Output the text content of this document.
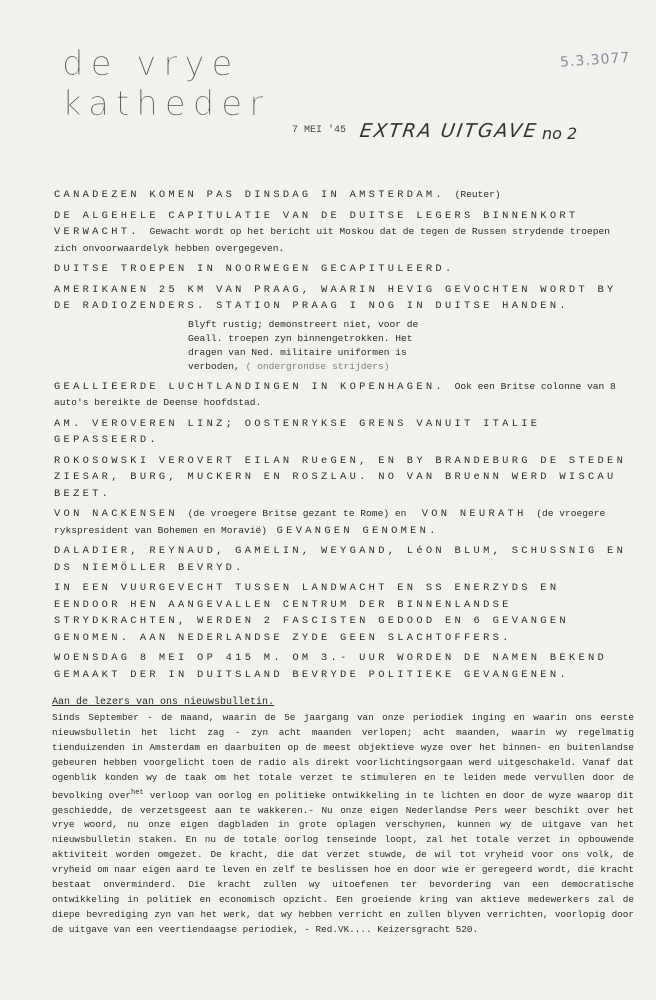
5.3.3077
de vrye katheder
7 MEI '45 EXTRA UITGAVE no 2
CANADEZEN KOMEN PAS DINSDAG IN AMSTERDAM. (Reuter)
DE ALGEHELE CAPITULATIE VAN DE DUITSE LEGERS BINNENKORT VERWACHT. Gewacht wordt op het bericht uit Moskou dat de tegen de Russen strydende troepen zich onvoorwaardelyk hebben overgegeven.
DUITSE TROEPEN IN NOORWEGEN GECAPITULEERD.
AMERIKANEN 25 KM VAN PRAAG, WAARIN HEVIG GEVOCHTEN WORDT BY DE RADIOZENDERS. STATION PRAAG I NOG IN DUITSE HANDEN.
Blyft rustig; demonstreert niet, voor de Geall. troepen zyn binnengetrokken. Het dragen van Ned. militaire uniformen is verboden, ( ondergrondse strijders)
GEALLIEERDE LUCHTLANDINGEN IN KOPENHAGEN. Ook een Britse colonne van 8 auto's bereikte de Deense hoofdstad.
AM. VEROVEREN LINZ; OOSTENRYKSE GRENS VANUIT ITALIE GEPASSEERD.
ROKOSOWSKI VEROVERT EILAN RUeGEN, EN BY BRANDEBURG DE STEDEN ZIESAR, BURG, MUCKERN EN ROSZLAU. NO VAN BRUeNN WERD WISCAU BEZET.
VON NACKENSEN (de vroegere Britse gezant te Rome) en  VON NEURATH (de vroegere rykspresident van Bohemen en Moravië) GEVANGEN GENOMEN.
DALADIER, REYNAUD, GAMELIN, WEYGAND, LéON BLUM, SCHUSSNIG EN DS NIEMÖLLER BEVRYD.
IN EEN VUURGEVECHT TUSSEN LANDWACHT EN SS ENERZYDS EN EENDOOR HEN AANGEVALLEN CENTRUM DER BINNENLANDSE STRYDKRACHTEN, WERDEN 2 FASCISTEN GEDOOD EN 6 GEVANGEN GENOMEN. AAN NEDERLANDSE ZYDE GEEN SLACHTOFFERS.
WOENSDAG 8 MEI OP 415 M. OM 3.- UUR WORDEN DE NAMEN BEKEND GEMAAKT DER IN DUITSLAND BEVRYDE POLITIEKE GEVANGENEN.
Aan de lezers van ons nieuwsbulletin.
Sinds September - de maand, waarin de 5e jaargang van onze periodiek inging en waarin ons eerste nieuwsbulletin het licht zag - zyn acht maanden verlopen; acht maanden, waarin wy regelmatig tienduizenden in Amsterdam en daarbuiten op de meest objektieve wyze over het binnen- en buitenlandse gebeuren hebben voorgelicht toen de radio als direkt voorlichtingsorgaan werd uitgeschakeld. Vanaf dat ogenblik konden wy de taak om het totale verzet te stimuleren en te leiden mede vervullen door de bevolking over$^{het}$ verloop van oorlog en politieke ontwikkeling in te lichten en door de wyze waarop dit geschiedde, de verzetsgeest aan te wakkeren.- Nu onze eigen Nederlandse Pers weer beschikt over het vrye woord, nu onze eigen dagbladen in grote oplagen verschynen, kunnen wy de uitgave van het nieuwsbulletin staken. En nu de totale oorlog tenseinde loopt, zal het totale verzet in opbouwende aktiviteit worden omgezet. De kracht, die dat verzet stuwde, de wil tot vryheid voor ons volk, de vryheid om naar eigen aard te leven en zelf te beslissen hoe en door wie er geregeerd wordt, die kracht bestaat onverminderd. Die kracht zullen wy uitoefenen ter bevordering van een democratische ontwikkeling in politiek en economisch opzicht. Een groeiende kring van aktieve medewerkers zal de diepe bevrediging zyn van het werk, dat wy hebben verricht en zullen blyven verrichten, voorlopig door de uitgave van een veertiendaagse periodiek, - Red.VK.... Keizersgracht 520.
